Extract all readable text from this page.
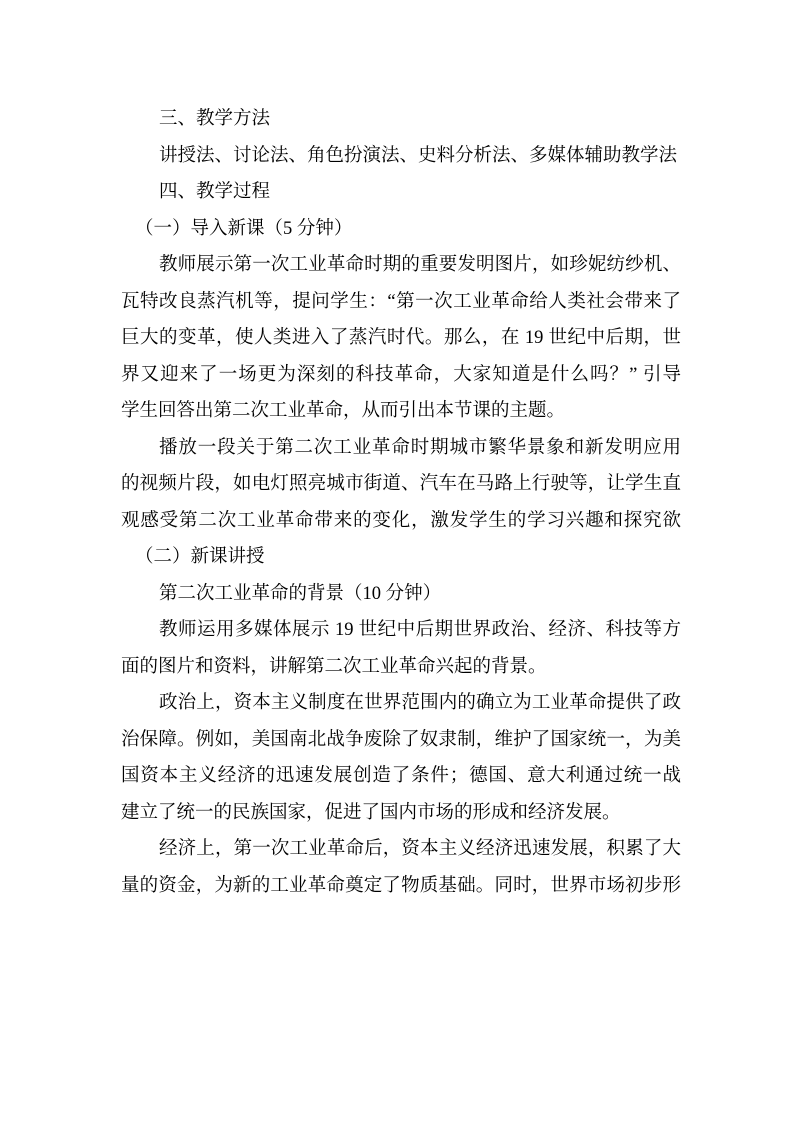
三、教学方法
讲授法、讨论法、角色扮演法、史料分析法、多媒体辅助教学法
四、教学过程
（一）导入新课（5 分钟）
教师展示第一次工业革命时期的重要发明图片，如珍妮纺纱机、
瓦特改良蒸汽机等，提问学生：“第一次工业革命给人类社会带来了
巨大的变革，使人类进入了蒸汽时代。那么，在 19 世纪中后期，世
界又迎来了一场更为深刻的科技革命，大家知道是什么吗？” 引导
学生回答出第二次工业革命，从而引出本节课的主题。
播放一段关于第二次工业革命时期城市繁华景象和新发明应用
的视频片段，如电灯照亮城市街道、汽车在马路上行驶等，让学生直
观感受第二次工业革命带来的变化，激发学生的学习兴趣和探究欲
（二）新课讲授
第二次工业革命的背景（10 分钟）
教师运用多媒体展示 19 世纪中后期世界政治、经济、科技等方
面的图片和资料，讲解第二次工业革命兴起的背景。
政治上，资本主义制度在世界范围内的确立为工业革命提供了政
治保障。例如，美国南北战争废除了奴隶制，维护了国家统一，为美
国资本主义经济的迅速发展创造了条件；德国、意大利通过统一战
建立了统一的民族国家，促进了国内市场的形成和经济发展。
经济上，第一次工业革命后，资本主义经济迅速发展，积累了大
量的资金，为新的工业革命奠定了物质基础。同时，世界市场初步形
